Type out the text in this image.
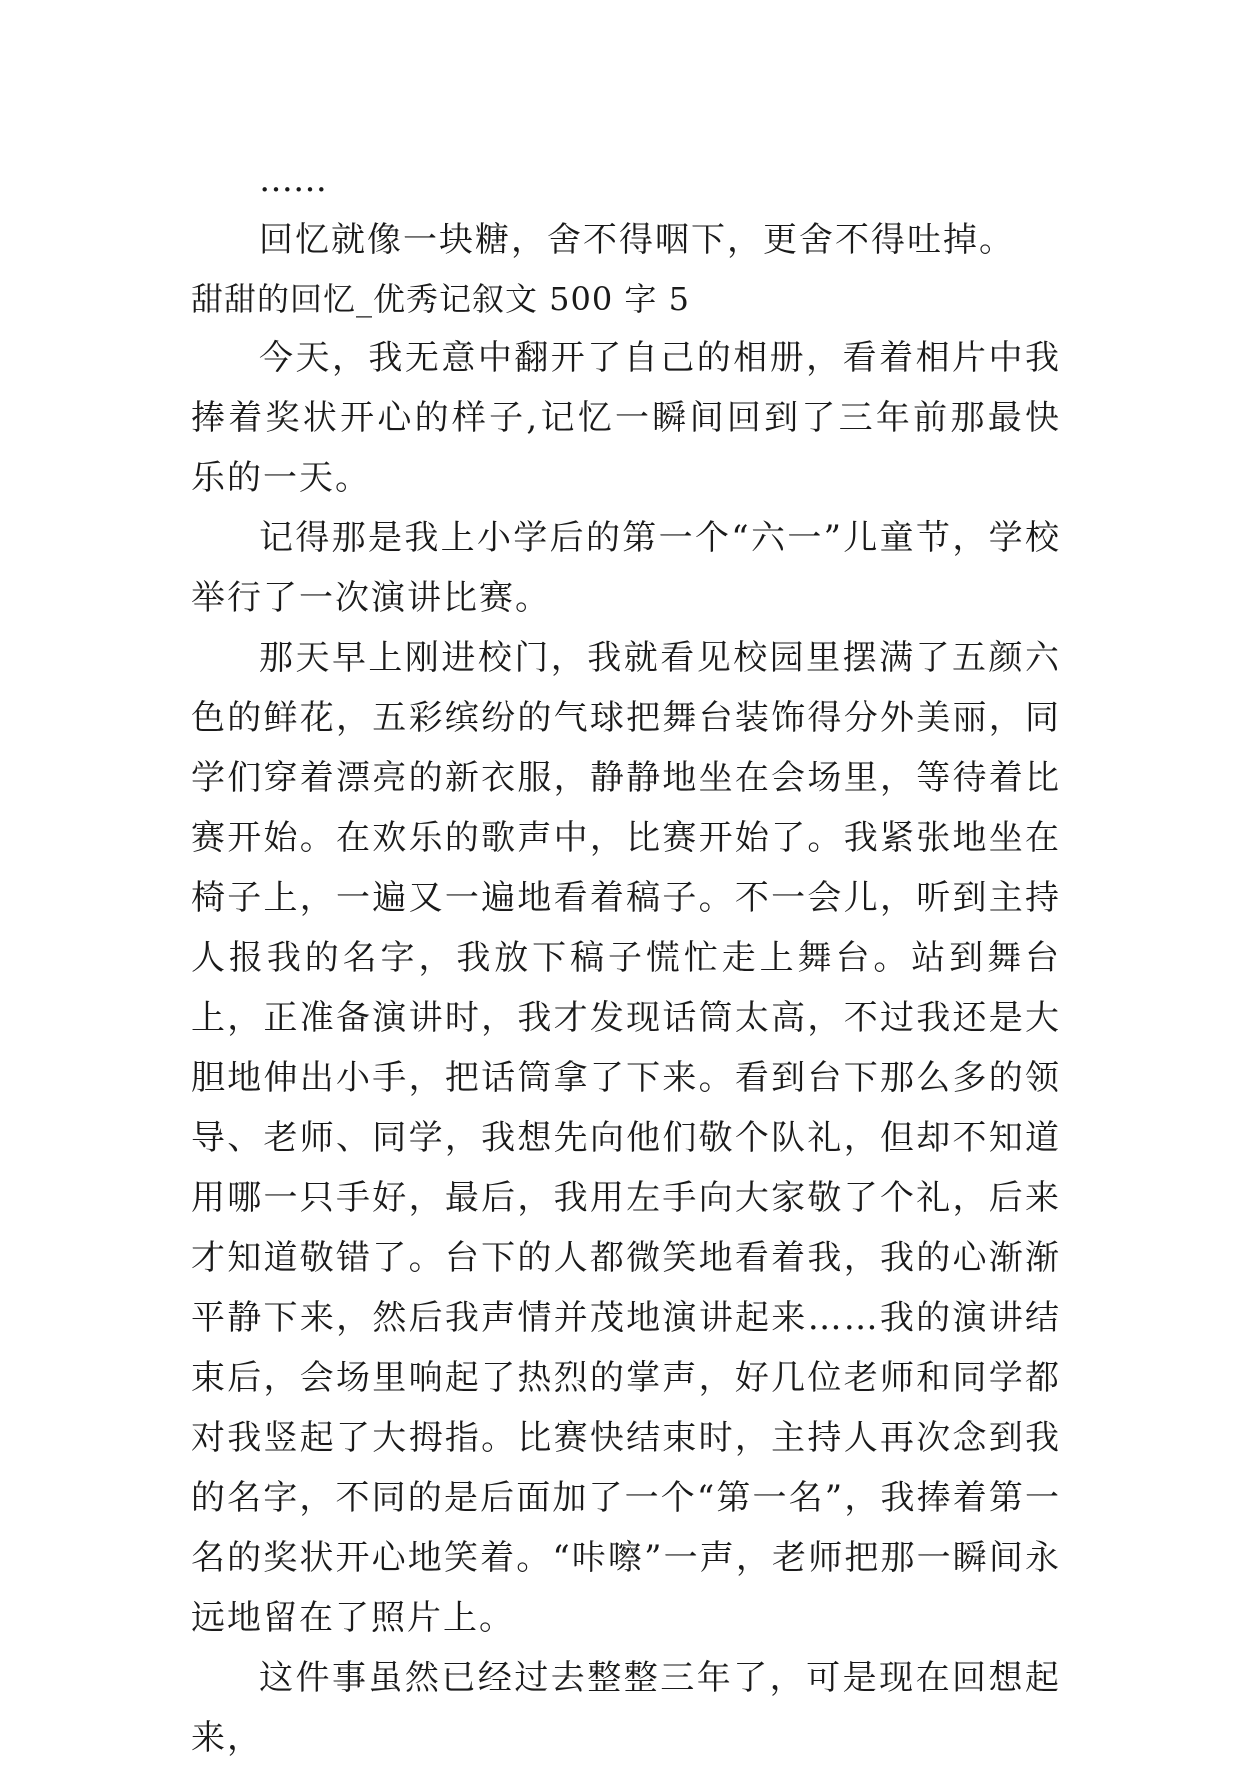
……

回忆就像一块糖，舍不得咽下，更舍不得吐掉。

甜甜的回忆_优秀记叙文 500 字 5

今天，我无意中翻开了自己的相册，看着相片中我捧着奖状开心的样子,记忆一瞬间回到了三年前那最快乐的一天。

记得那是我上小学后的第一个“六一”儿童节，学校举行了一次演讲比赛。

那天早上刚进校门，我就看见校园里摆满了五颜六色的鲜花，五彩缤纷的气球把舞台装饰得分外美丽，同学们穿着漂亮的新衣服，静静地坐在会场里，等待着比赛开始。在欢乐的歌声中，比赛开始了。我紧张地坐在椅子上，一遍又一遍地看着稿子。不一会儿，听到主持人报我的名字，我放下稿子慌忙走上舞台。站到舞台上，正准备演讲时，我才发现话筒太高，不过我还是大胆地伸出小手，把话筒拿了下来。看到台下那么多的领导、老师、同学，我想先向他们敬个队礼，但却不知道用哪一只手好，最后，我用左手向大家敬了个礼，后来才知道敬错了。台下的人都微笑地看着我，我的心渐渐平静下来，然后我声情并茂地演讲起来……我的演讲结束后，会场里响起了热烈的掌声，好几位老师和同学都对我竖起了大拇指。比赛快结束时，主持人再次念到我的名字，不同的是后面加了一个“第一名”，我捧着第一名的奖状开心地笑着。“咔嚓”一声，老师把那一瞬间永远地留在了照片上。

这件事虽然已经过去整整三年了，可是现在回想起来，
